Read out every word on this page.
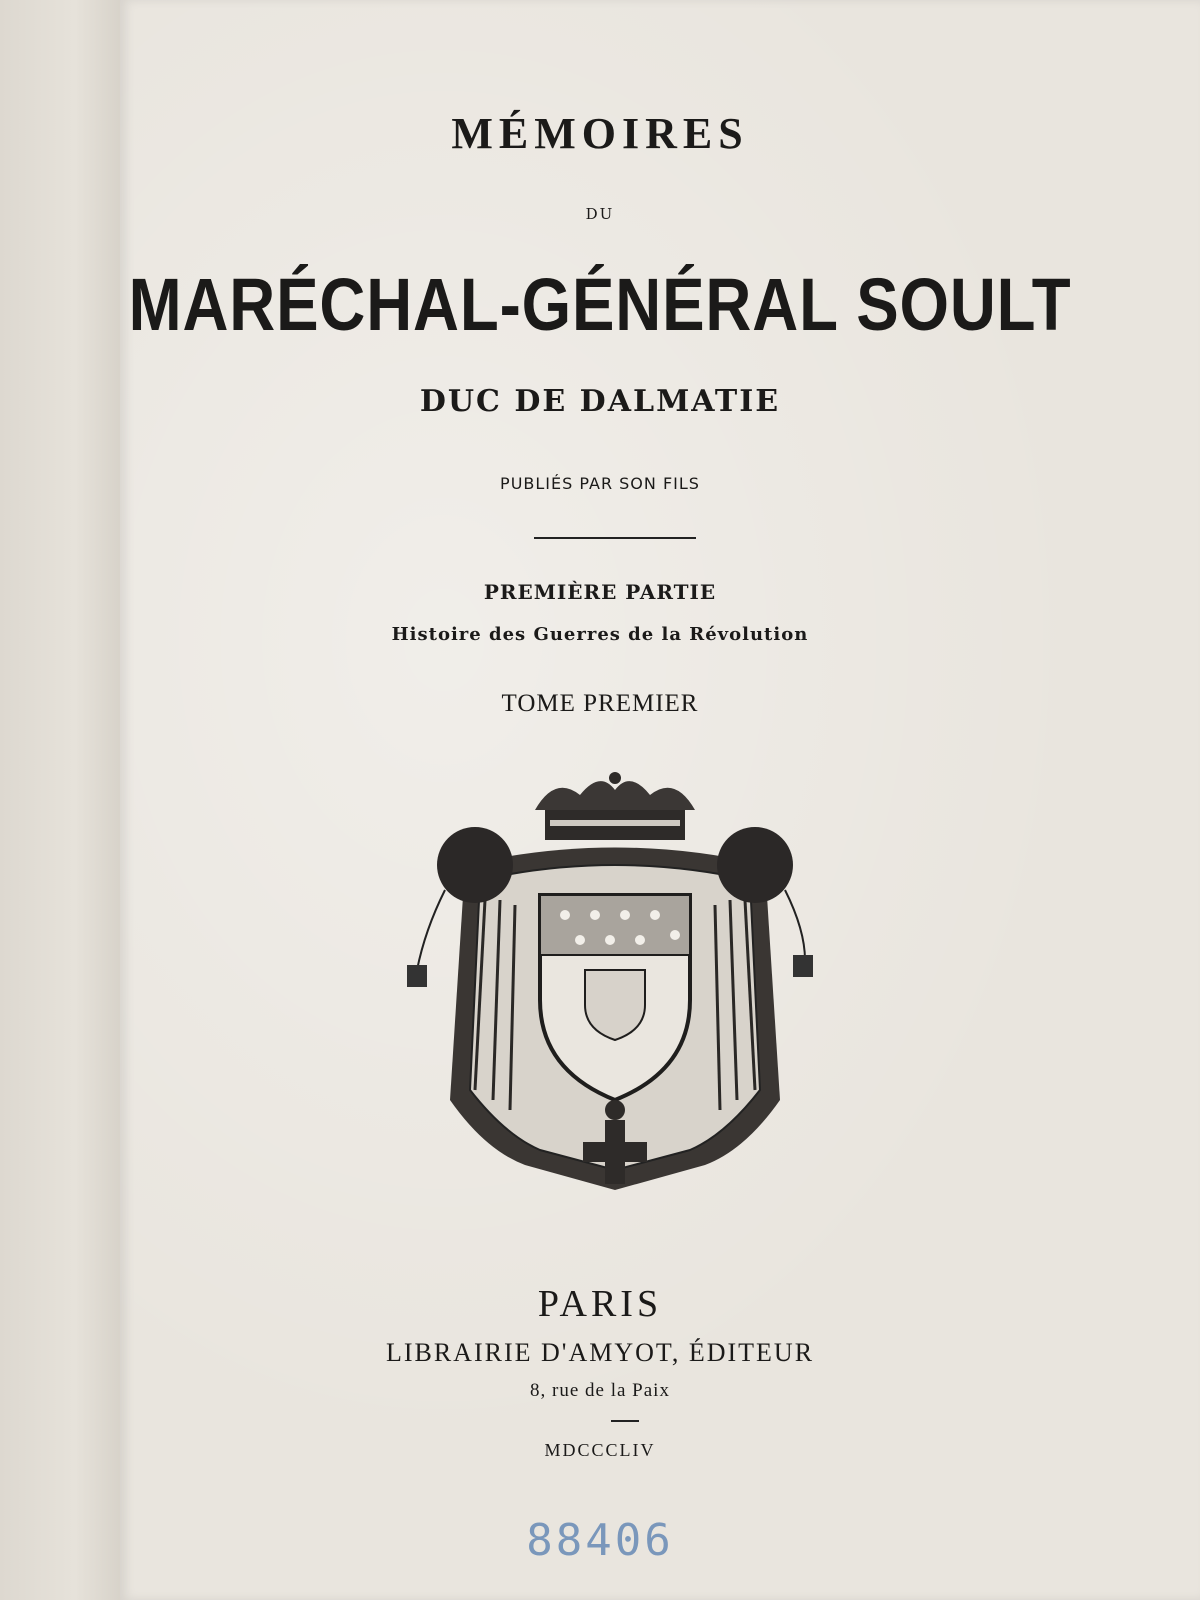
MÉMOIRES
DU
MARÉCHAL-GÉNÉRAL SOULT
DUC DE DALMATIE
PUBLIÉS PAR SON FILS
PREMIÈRE PARTIE
Histoire des Guerres de la Révolution
TOME PREMIER
PARIS
LIBRAIRIE D'AMYOT, ÉDITEUR
8, rue de la Paix
MDCCCLIV
88406
